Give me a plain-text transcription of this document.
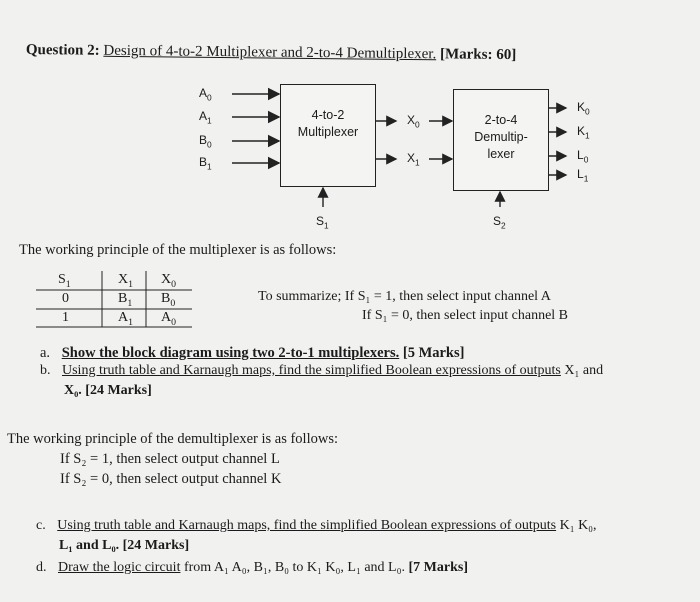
Question 2: Design of 4-to-2 Multiplexer and 2-to-4 Demultiplexer. [Marks: 60]
$A_0$
$A_1$
$B_0$
$B_1$
4-to-2
Multiplexer
$X_0$
$X_1$
2-to-4
Demultip-
lexer
$K_0$
$K_1$
$L_0$
$L_1$
$S_1$	$S_2$
The working principle of the multiplexer is as follows:
$S_1$	$X_1$ $X_0$
0	$B_1$ $B_0$
1	$A_1$ $A_0$
To summarize; If S₁ = 1, then select input channel A
If S₁ = 0, then select input channel B
a. Show the block diagram using two 2-to-1 multiplexers. [5 Marks]
b. Using truth table and Karnaugh maps, find the simplified Boolean expressions of outputs X₁ and
X₀. [24 Marks]
The working principle of the demultiplexer is as follows:
If S₂ = 1, then select output channel L
If S₂ = 0, then select output channel K
c. Using truth table and Karnaugh maps, find the simplified Boolean expressions of outputs K₁ K₀,
L₁ and L₀. [24 Marks]
d. Draw the logic circuit from A₁ A₀, B₁, B₀ to K₁ K₀, L₁ and L₀. [7 Marks]
